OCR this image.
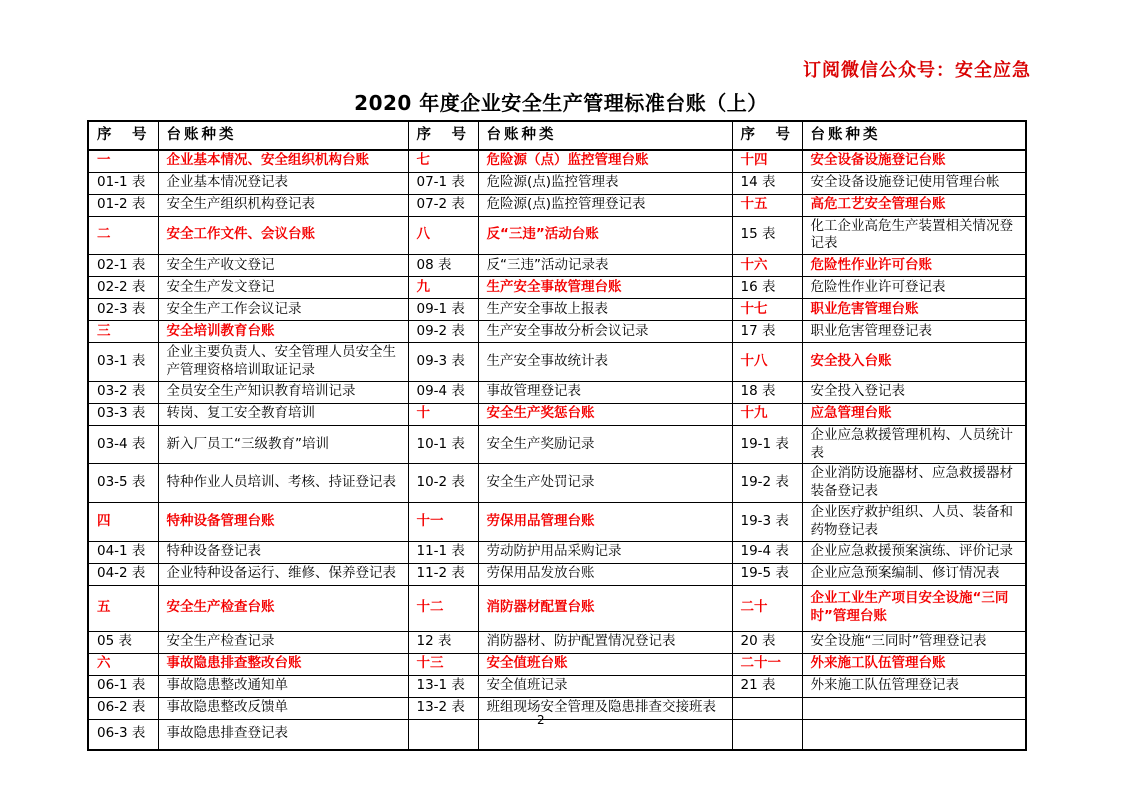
订阅微信公众号：安全应急
2020 年度企业安全生产管理标准台账（上）
序　号	台账种类	序　号	台账种类	序　号	台账种类
一	企业基本情况、安全组织机构台账	七	危险源（点）监控管理台账	十四	安全设备设施登记台账
01-1 表	企业基本情况登记表	07-1 表	危险源(点)监控管理表	14 表	安全设备设施登记使用管理台帐
01-2 表	安全生产组织机构登记表	07-2 表	危险源(点)监控管理登记表	十五	高危工艺安全管理台账
二	安全工作文件、会议台账	八	反“三违”活动台账	15 表	化工企业高危生产装置相关情况登记表
02-1 表	安全生产收文登记	08 表	反“三违”活动记录表	十六	危险性作业许可台账
02-2 表	安全生产发文登记	九	生产安全事故管理台账	16 表	危险性作业许可登记表
02-3 表	安全生产工作会议记录	09-1 表	生产安全事故上报表	十七	职业危害管理台账
三	安全培训教育台账	09-2 表	生产安全事故分析会议记录	17 表	职业危害管理登记表
03-1 表	企业主要负责人、安全管理人员安全生产管理资格培训取证记录	09-3 表	生产安全事故统计表	十八	安全投入台账
03-2 表	全员安全生产知识教育培训记录	09-4 表	事故管理登记表	18 表	安全投入登记表
03-3 表	转岗、复工安全教育培训	十	安全生产奖惩台账	十九	应急管理台账
03-4 表	新入厂员工“三级教育”培训	10-1 表	安全生产奖励记录	19-1 表	企业应急救援管理机构、人员统计表
03-5 表	特种作业人员培训、考核、持证登记表	10-2 表	安全生产处罚记录	19-2 表	企业消防设施器材、应急救援器材装备登记表
四	特种设备管理台账	十一	劳保用品管理台账	19-3 表	企业医疗救护组织、人员、装备和药物登记表
04-1 表	特种设备登记表	11-1 表	劳动防护用品采购记录	19-4 表	企业应急救援预案演练、评价记录
04-2 表	企业特种设备运行、维修、保养登记表	11-2 表	劳保用品发放台账	19-5 表	企业应急预案编制、修订情况表
五	安全生产检查台账	十二	消防器材配置台账	二十	企业工业生产项目安全设施“三同时”管理台账
05 表	安全生产检查记录	12 表	消防器材、防护配置情况登记表	20 表	安全设施“三同时”管理登记表
六	事故隐患排查整改台账	十三	安全值班台账	二十一	外来施工队伍管理台账
06-1 表	事故隐患整改通知单	13-1 表	安全值班记录	21 表	外来施工队伍管理登记表
06-2 表	事故隐患整改反馈单	13-2 表	班组现场安全管理及隐患排查交接班表		
06-3 表	事故隐患排查登记表				
2
